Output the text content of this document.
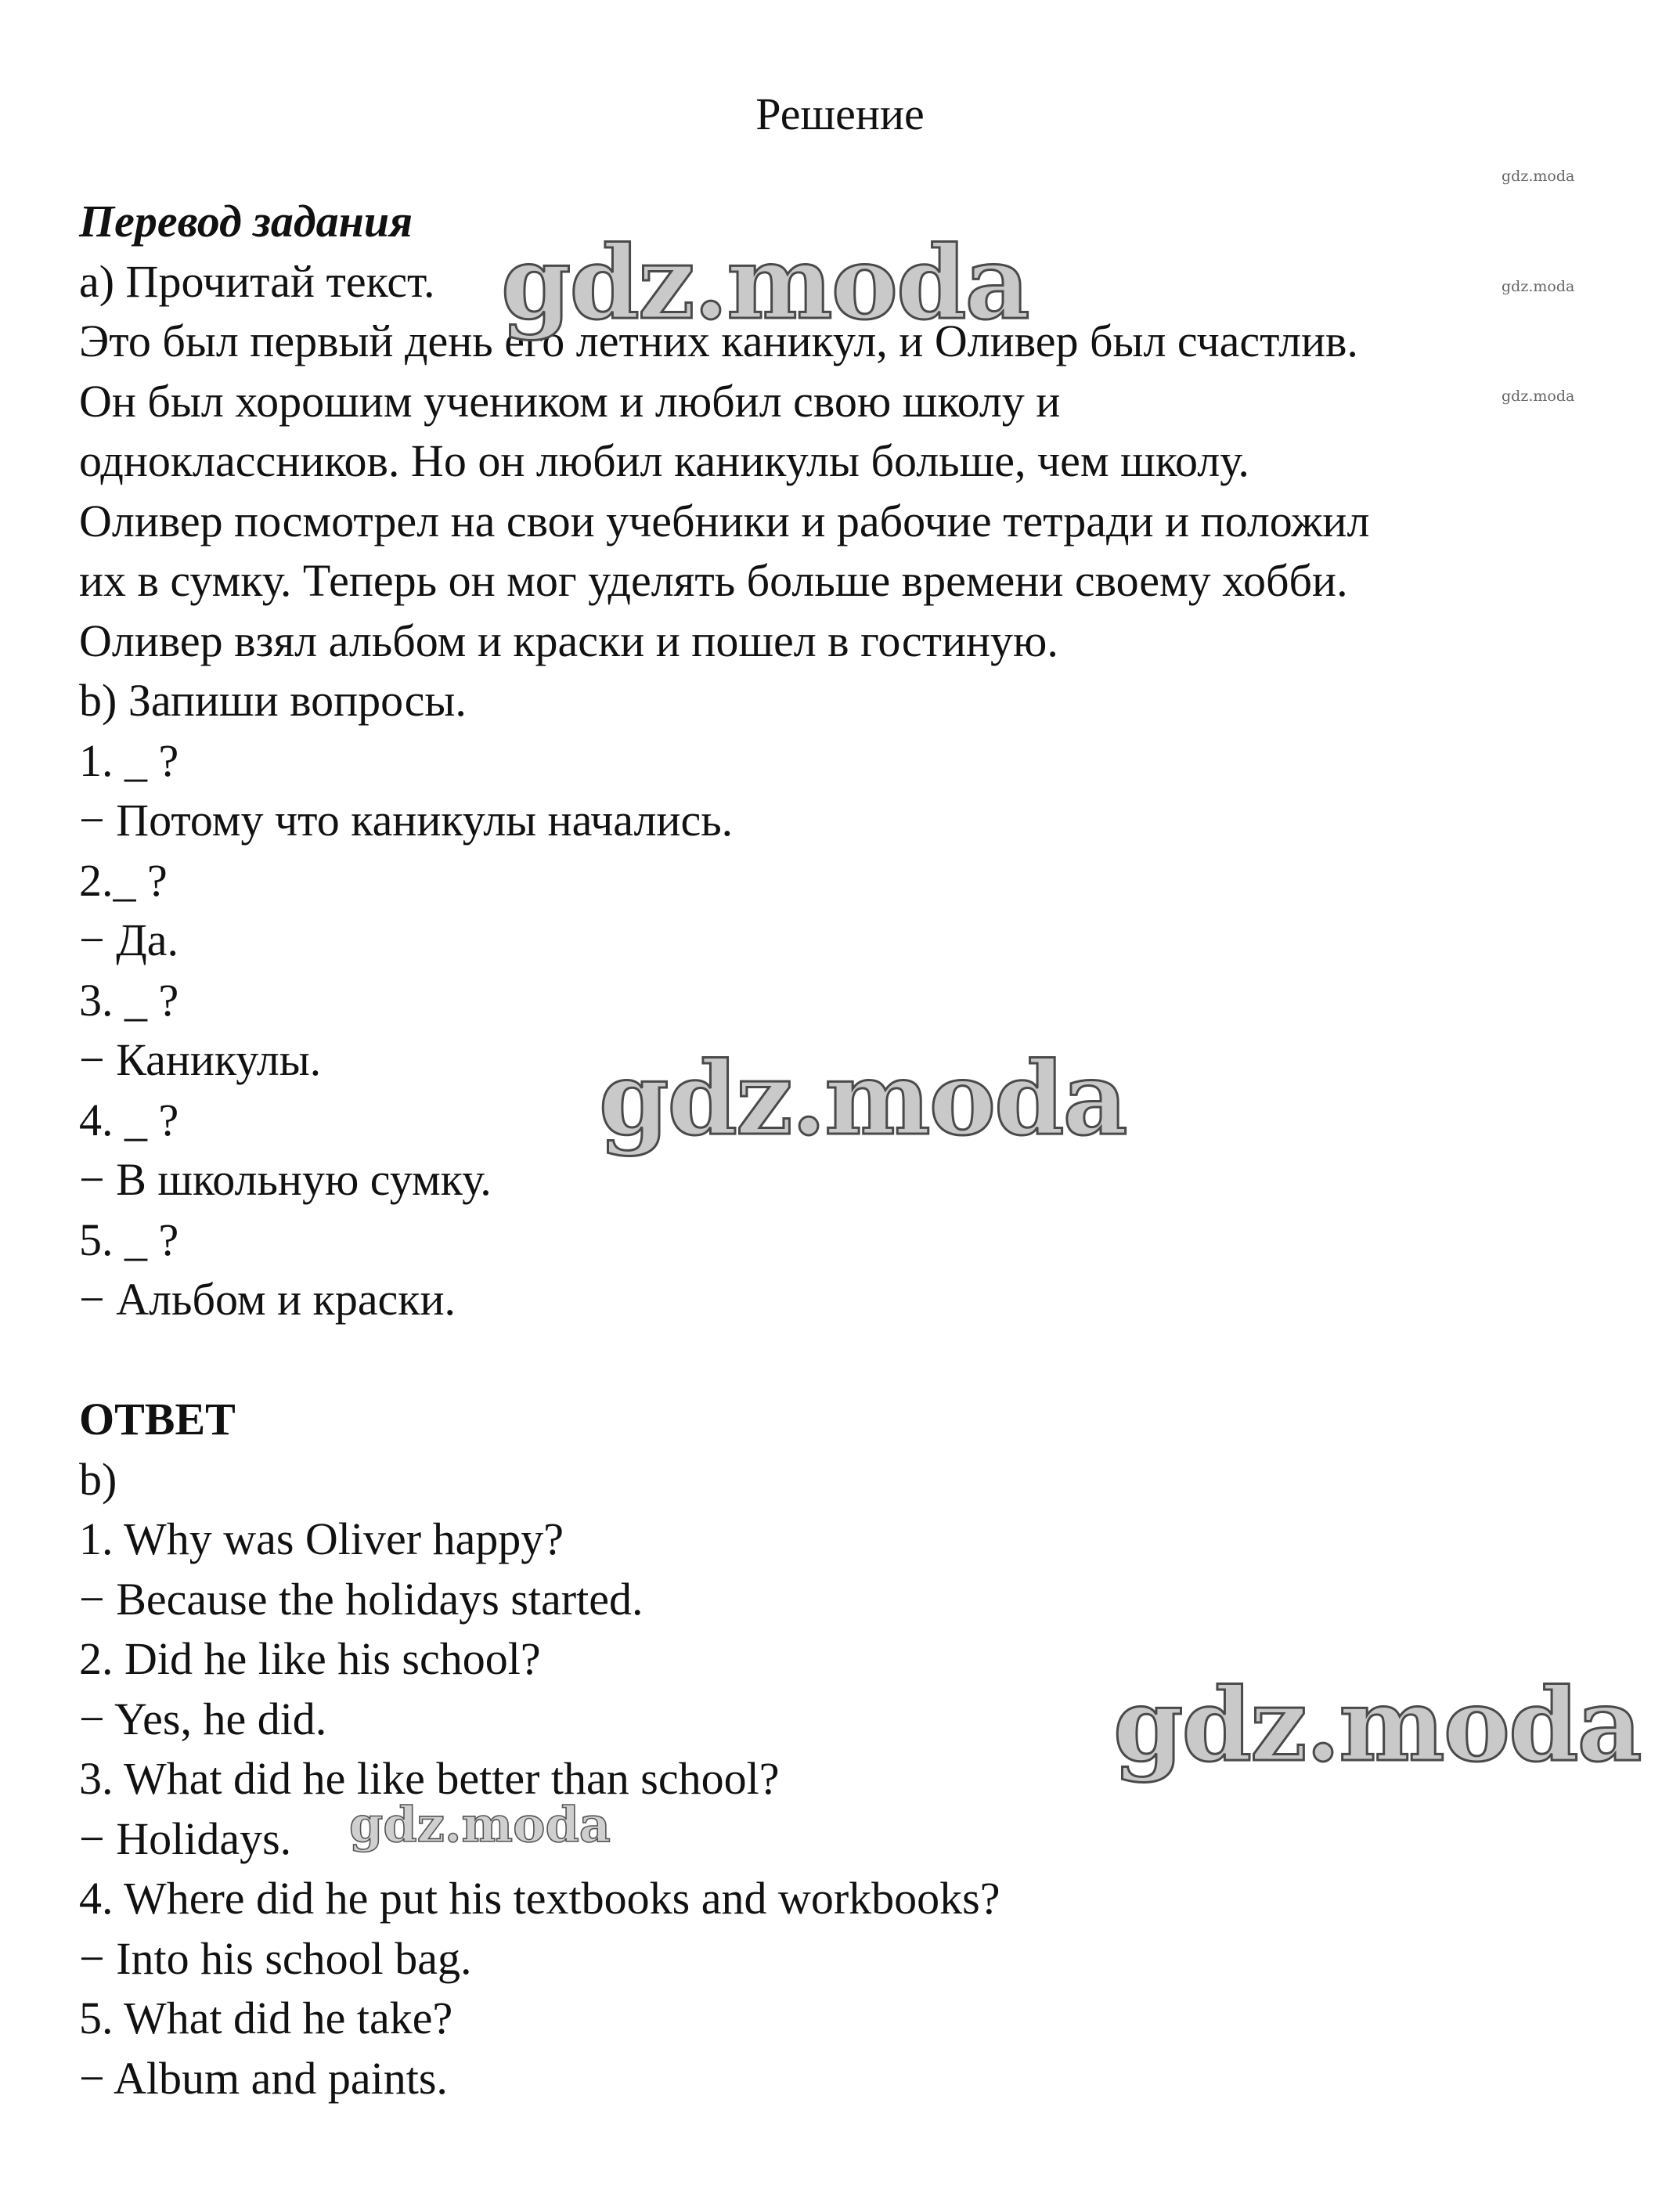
Решение
Перевод задания
a) Прочитай текст.
Это был первый день его летних каникул, и Оливер был счастлив.
Он был хорошим учеником и любил свою школу и
одноклассников. Но он любил каникулы больше, чем школу.
Оливер посмотрел на свои учебники и рабочие тетради и положил
их в сумку. Теперь он мог уделять больше времени своему хобби.
Оливер взял альбом и краски и пошел в гостиную.
b) Запиши вопросы.
1. _ ?
− Потому что каникулы начались.
2._ ?
− Да.
3. _ ?
− Каникулы.
4. _ ?
− В школьную сумку.
5. _ ?
− Альбом и краски.
ОТВЕТ
b)
1. Why was Oliver happy?
− Because the holidays started.
2. Did he like his school?
− Yes, he did.
3. What did he like better than school?
− Holidays.
4. Where did he put his textbooks and workbooks?
− Into his school bag.
5. What did he take?
− Album and paints.
gdz.moda
gdz.moda
gdz.moda
gdz.moda
gdz.moda
gdz.moda
gdz.moda
